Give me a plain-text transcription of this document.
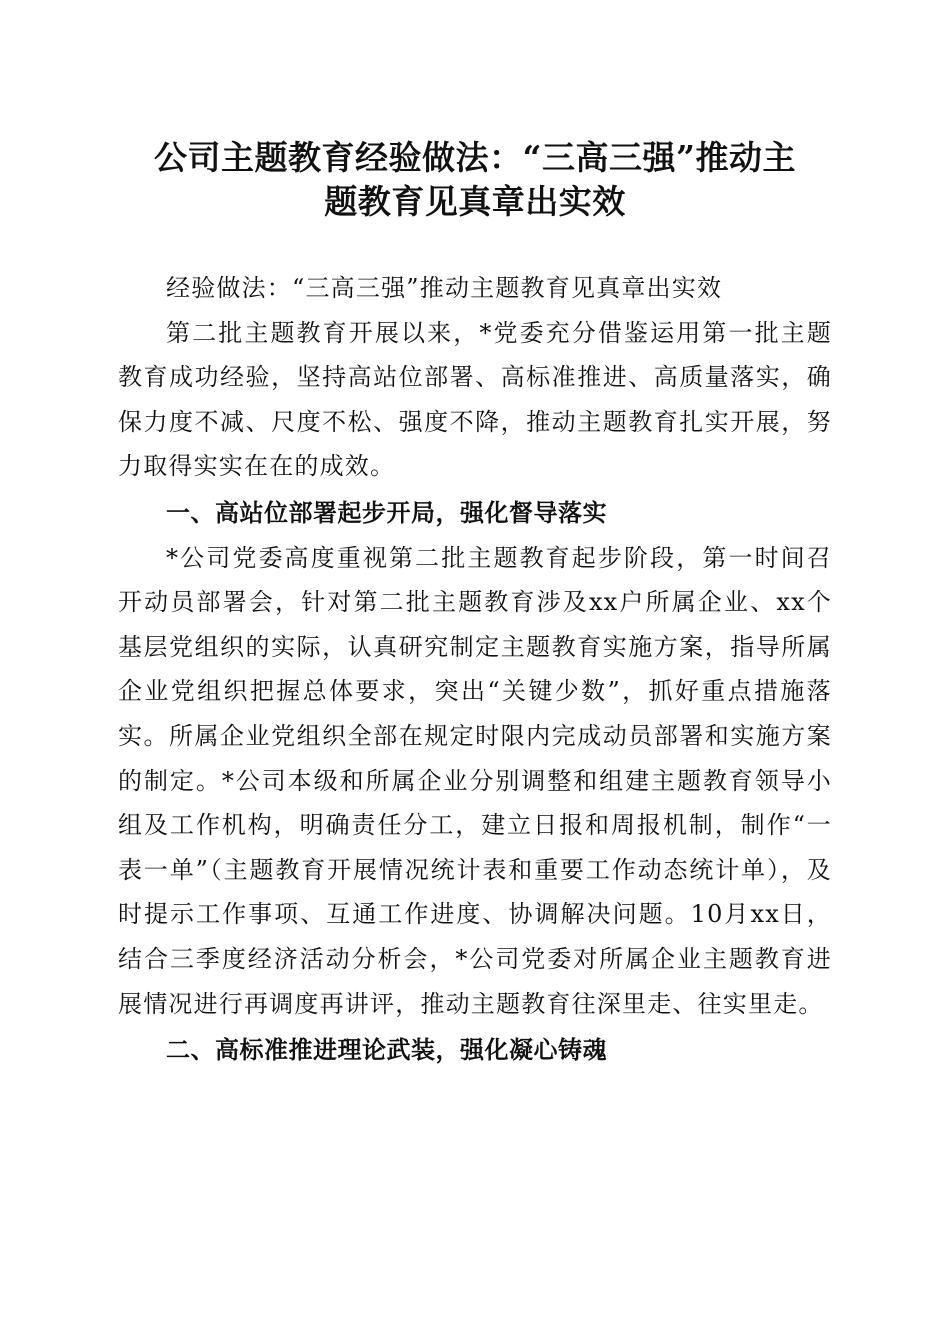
公司主题教育经验做法：“三高三强”推动主
题教育见真章出实效

经验做法：“三高三强”推动主题教育见真章出实效

第二批主题教育开展以来，*党委充分借鉴运用第一批主题教育成功经验，坚持高站位部署、高标准推进、高质量落实，确保力度不减、尺度不松、强度不降，推动主题教育扎实开展，努力取得实实在在的成效。

一、高站位部署起步开局，强化督导落实

*公司党委高度重视第二批主题教育起步阶段，第一时间召开动员部署会，针对第二批主题教育涉及xx户所属企业、xx个基层党组织的实际，认真研究制定主题教育实施方案，指导所属企业党组织把握总体要求，突出“关键少数”，抓好重点措施落实。所属企业党组织全部在规定时限内完成动员部署和实施方案的制定。*公司本级和所属企业分别调整和组建主题教育领导小组及工作机构，明确责任分工，建立日报和周报机制，制作“一表一单”（主题教育开展情况统计表和重要工作动态统计单），及时提示工作事项、互通工作进度、协调解决问题。10月xx日，结合三季度经济活动分析会，*公司党委对所属企业主题教育进展情况进行再调度再讲评，推动主题教育往深里走、往实里走。

二、高标准推进理论武装，强化凝心铸魂
